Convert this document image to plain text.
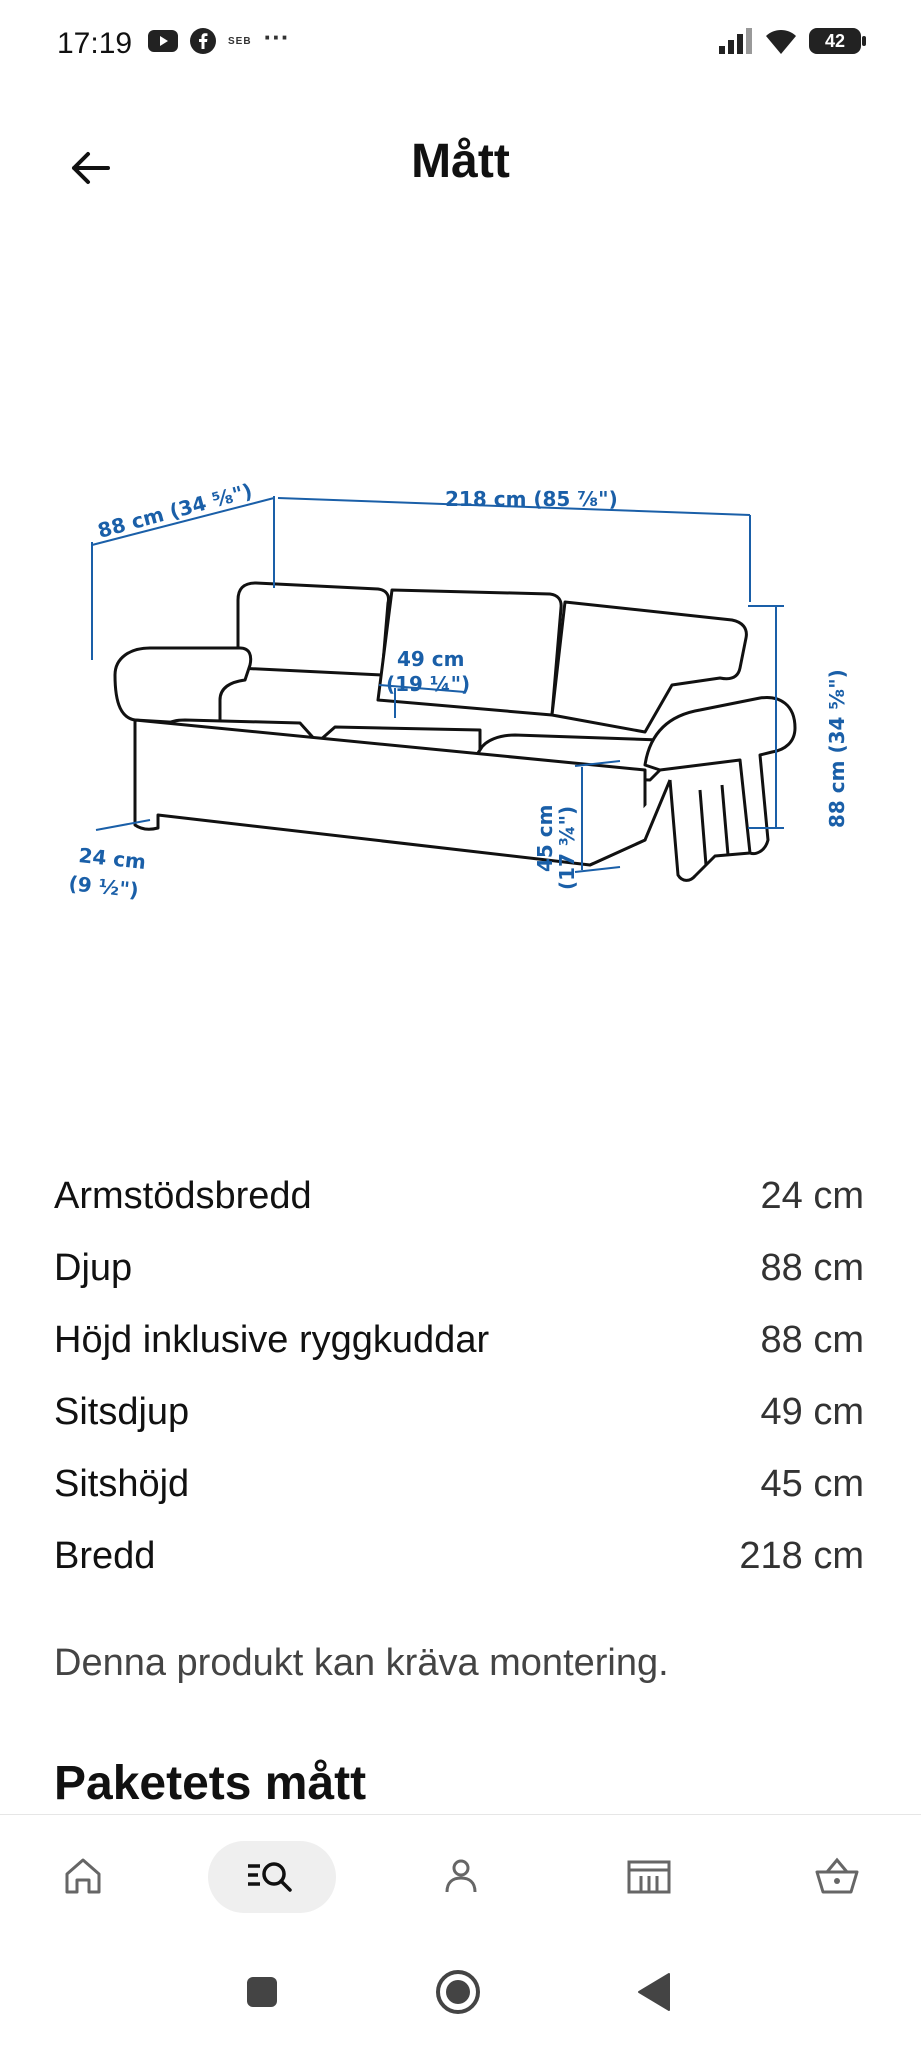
17:19	SEB ···	42
Mått
88 cm (34 ⁵⁄₈")	218 cm (85 ⁷⁄₈")
49 cm
(19 ¼")	88 cm (34 ⁵⁄₈")
45 cm
(17 ¾")
24 cm
(9 ½")
Armstödsbredd	24 cm
Djup	88 cm
Höjd inklusive ryggkuddar	88 cm
Sitsdjup	49 cm
Sitshöjd	45 cm
Bredd	218 cm
Denna produkt kan kräva montering.
Paketets mått
